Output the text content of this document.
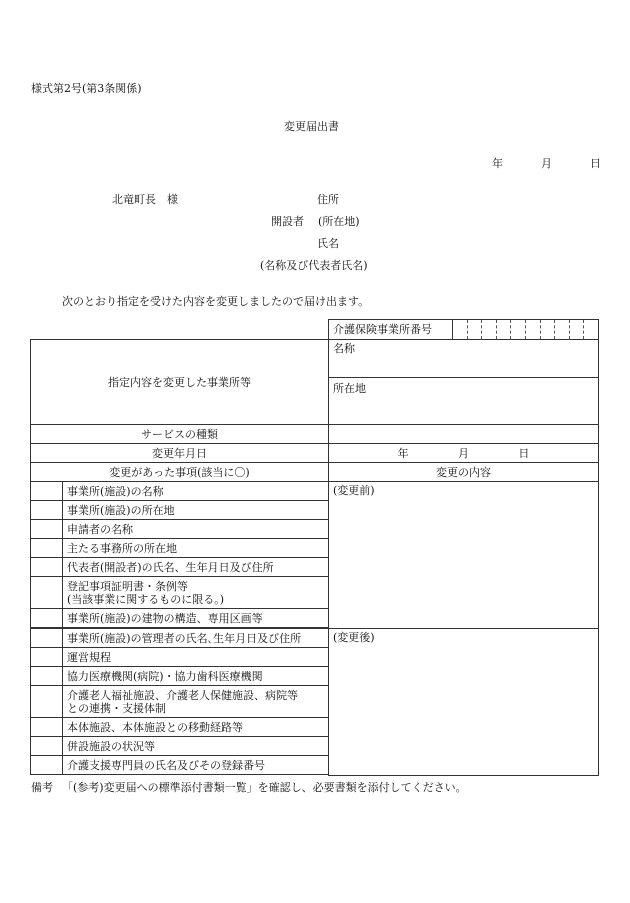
様式第2号(第3条関係)
変更届出書
年	月	日
北竜町長　様	住所
開設者 (所在地)
氏名
(名称及び代表者氏名)
次のとおり指定を受けた内容を変更しましたので届け出ます。

		介護保険事業所番号

指定内容を変更した事業所等		名称
		所在地
サービスの種類		
変更年月日		年 月 日

変更があった事項(該当に〇)		変更の内容
	事業所(施設)の名称	(変更前)
	事業所(施設)の所在地	
	申請者の名称	
	主たる事務所の所在地	
	代表者(開設者)の氏名、生年月日及び住所	
	登記事項証明書・条例等
(当該事業に関するものに限る。)	
	事業所(施設)の建物の構造、専用区画等	

	事業所(施設)の管理者の氏名､生年月日及び住所	(変更後)
	運営規程	
	協力医療機関(病院)・協力歯科医療機関	
	介護老人福祉施設、介護老人保健施設、病院等
との連携・支援体制	
	本体施設、本体施設との移動経路等	
	併設施設の状況等	
	介護支援専門員の氏名及びその登録番号	

備考 「(参考)変更届への標準添付書類一覧」を確認し、必要書類を添付してください。
